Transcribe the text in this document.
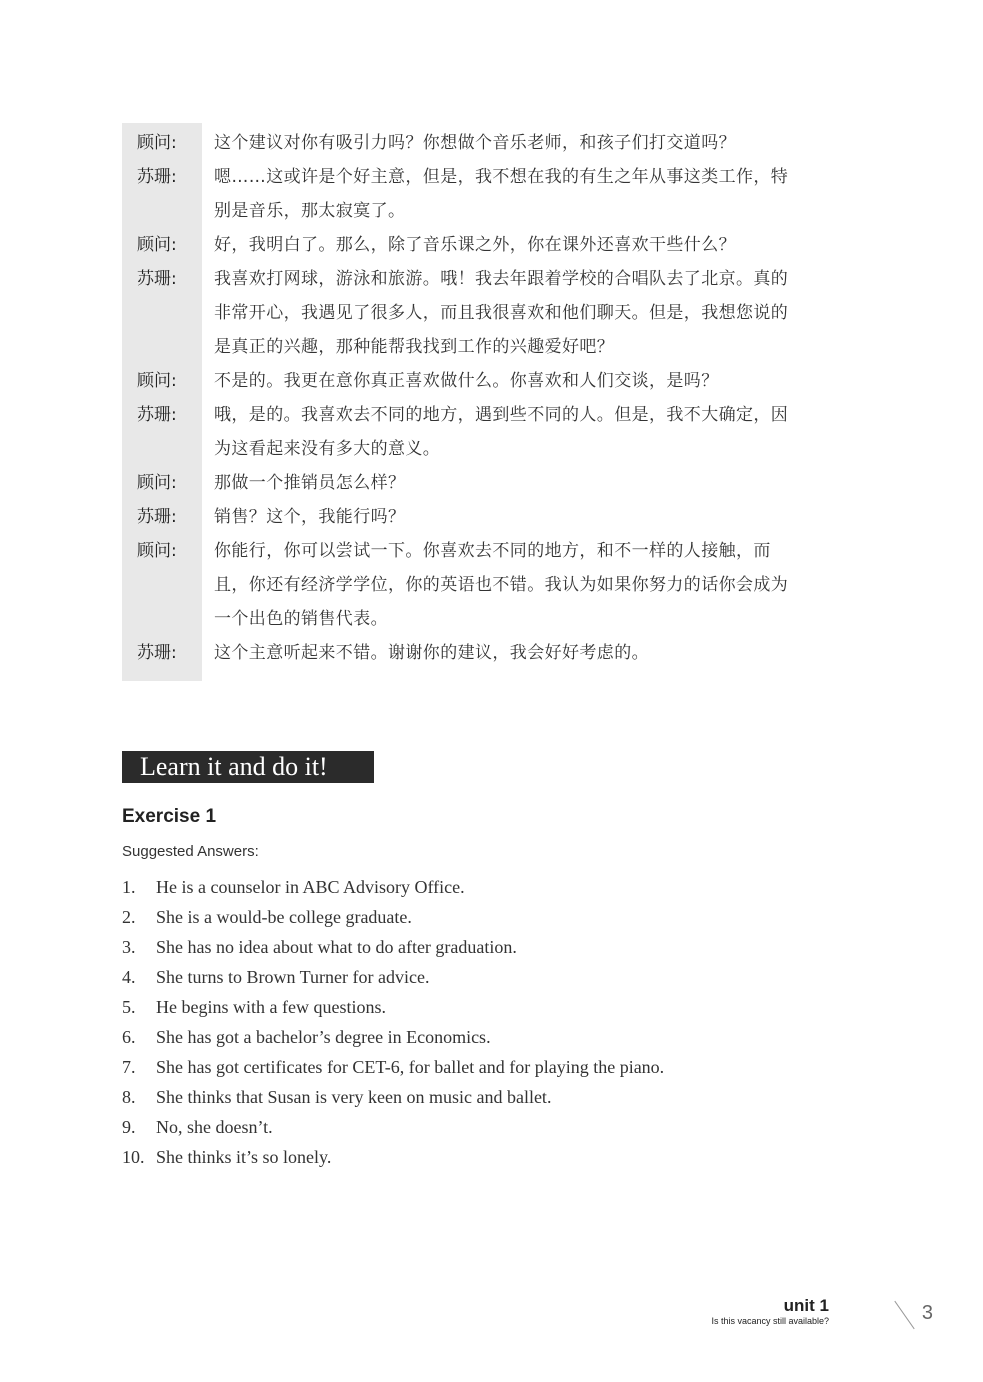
顾问:	这个建议对你有吸引力吗？你想做个音乐老师，和孩子们打交道吗？
苏珊:	嗯……这或许是个好主意，但是，我不想在我的有生之年从事这类工作，特
别是音乐，那太寂寞了。
顾问:	好，我明白了。那么，除了音乐课之外，你在课外还喜欢干些什么？
苏珊:	我喜欢打网球，游泳和旅游。哦！我去年跟着学校的合唱队去了北京。真的
非常开心，我遇见了很多人，而且我很喜欢和他们聊天。但是，我想您说的
是真正的兴趣，那种能帮我找到工作的兴趣爱好吧？
顾问:	不是的。我更在意你真正喜欢做什么。你喜欢和人们交谈，是吗？
苏珊:	哦，是的。我喜欢去不同的地方，遇到些不同的人。但是，我不大确定，因
为这看起来没有多大的意义。
顾问:	那做一个推销员怎么样？
苏珊:	销售？这个，我能行吗？
顾问:	你能行，你可以尝试一下。你喜欢去不同的地方，和不一样的人接触，而
且，你还有经济学学位，你的英语也不错。我认为如果你努力的话你会成为
一个出色的销售代表。
苏珊:	这个主意听起来不错。谢谢你的建议，我会好好考虑的。
Learn it and do it!
Exercise 1
Suggested Answers:
1. He is a counselor in ABC Advisory Office.
2. She is a would-be college graduate.
3. She has no idea about what to do after graduation.
4. She turns to Brown Turner for advice.
5. He begins with a few questions.
6. She has got a bachelor’s degree in Economics.
7. She has got certificates for CET-6, for ballet and for playing the piano.
8. She thinks that Susan is very keen on music and ballet.
9. No, she doesn’t.
10. She thinks it’s so lonely.
unit 1
Is this vacancy still available?	3
